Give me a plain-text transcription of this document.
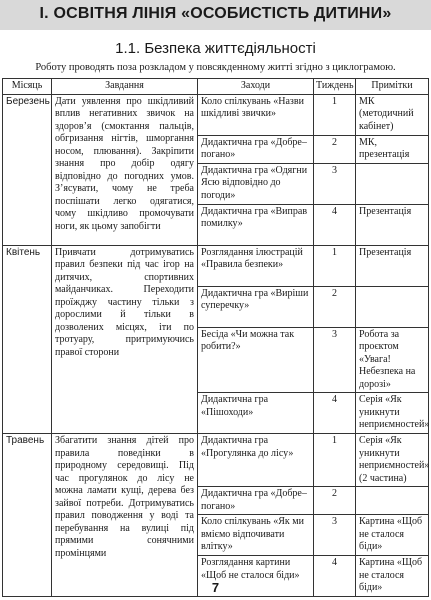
І. ОСВІТНЯ ЛІНІЯ «ОСОБИСТІСТЬ ДИТИНИ»
1.1. Безпека життєдіяльності
Роботу проводять поза розкладом у повсякденному житті згідно з циклограмою.
Місяць	Завдання	Заходи	Тиждень	Примітки
Березень	Дати уявлення про шкідливий вплив негативних звичок на здоров’я (смоктання пальців, обгризання нігтів, шморгання носом, плювання). Закріпити знання про добір одягу відповідно до погодних умов. З’ясувати, чому не треба поспішати легко одягатися, чому шкідливо промочувати ноги, як цьому запобігти	Коло спілкувань «Назви шкідливі звички»	1	МК (методичний кабінет)
		Дидактична гра «Добре–погано»	2	МК, презентація
		Дидактична гра «Одягни Ясю відповідно до погоди»	3	
		Дидактична гра «Виправ помилку»	4	Презентація
Квітень	Привчати дотримуватись правил безпеки під час ігор на дитячих, спортивних майданчиках. Переходити проїжджу частину тільки з дорослими й тільки в дозволених місцях, іти по тротуару, притримуючись правої сторони	Розглядання ілюстрацій «Правила безпеки»	1	Презентація
		Дидактична гра «Виріши суперечку»	2	
		Бесіда «Чи можна так робити?»	3	Робота за проєктом «Увага! Небезпека на дорозі»
		Дидактична гра «Пішоходи»	4	Серія «Як уникнути неприємностей»
Травень	Збагатити знання дітей про правила поведінки в природному середовищі. Під час прогулянок до лісу не можна ламати кущі, дерева без зайвої потреби. Дотримуватись правил поводження у воді та перебування на вулиці під прямими сонячними промінцями	Дидактична гра «Прогулянка до лісу»	1	Серія «Як уникнути неприємностей» (2 частина)
		Дидактична гра «Добре–погано»	2	
		Коло спілкувань «Як ми вміємо відпочивати влітку»	3	Картина «Щоб не сталося біди»
		Розглядання картини «Щоб не сталося біди»	4	Картина «Щоб не сталося біди»
7
